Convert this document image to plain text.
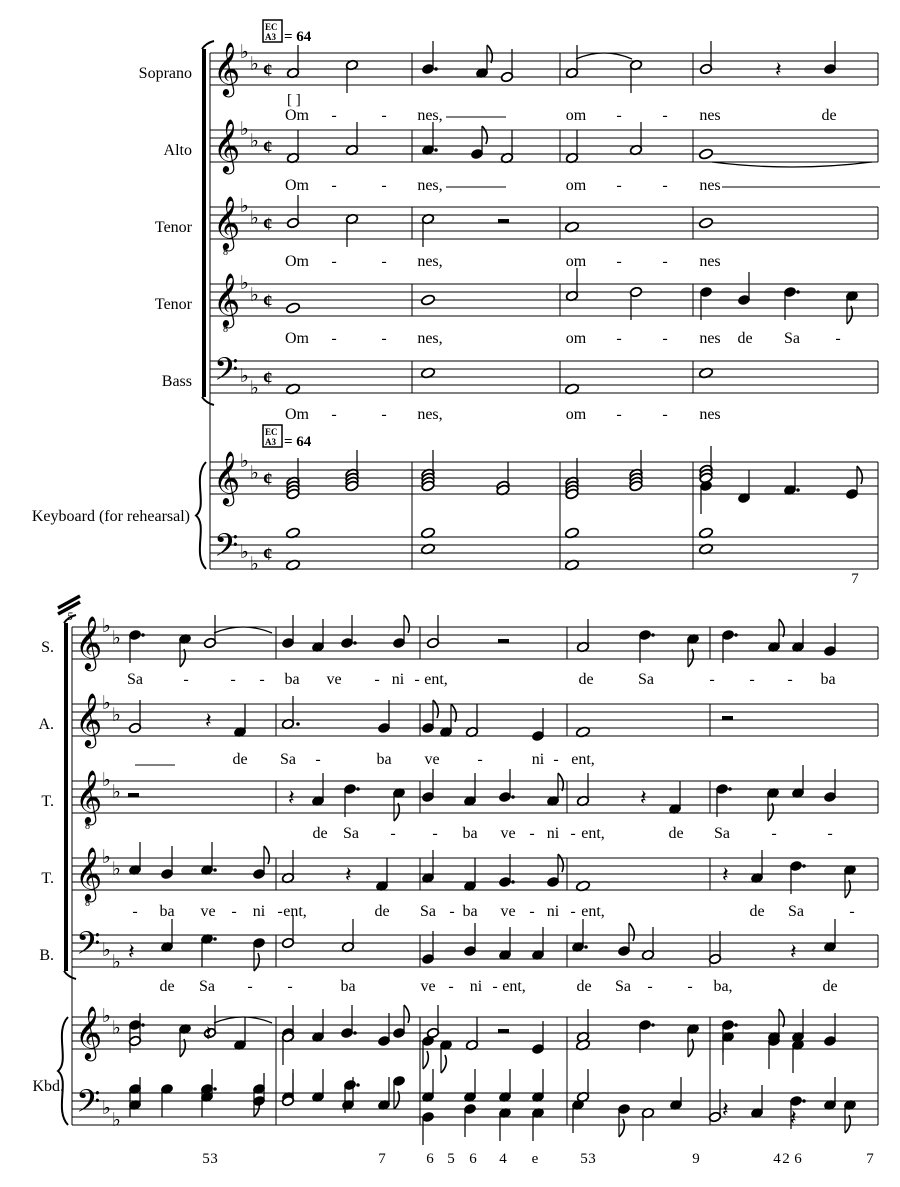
𝄞 ♭
♭ ¢
𝄞 ♭
♭ ¢
𝄞 ♭
♭ ¢
8
𝄞 ♭
♭ ¢
8
𝄢 ♭
♭ ¢
𝄞 ♭
♭ ¢
𝄢 ♭
♭ ¢
𝄞 ♭
♭
𝄞 ♭
♭
𝄞 ♭
♭
8
𝄞 ♭
♭
8
𝄢 ♭
♭
𝄞 ♭
♭
𝄢 ♭
♭
𝄽
𝄽
𝄽	𝄽
𝄽	𝄽
𝄽	𝄽
𝄽
𝄽	𝄽
Soprano
Alto
Tenor
Tenor
Bass
Keyboard (for rehearsal)
EC
A3 = 64
EC
A3 = 64
[ ]
S.
A.
T.
T.
B.
Kbd.
5
Om -	- nes,	om -	- nes	de
Om -	- nes,	om -	- nes
Om -	- nes,	om -	- nes
Om -	- nes,	om -	- nes de Sa -
Om -	- nes,	om -	- nes
Sa	-	- - ba ve - ni - ent,	de	Sa	- - - ba
de Sa -	ba ve -	ni - ent,
de Sa - - ba ve - ni - ent,	de Sa	-	-
- ba ve - ni - ent,	de Sa - ba ve - ni - ent,	de Sa	-
de Sa - -	ba	ve - ni - ent,	de Sa - - ba,	de
7
5 3	7	6 5 6 4 e	5 3	9	4 2 6	7
